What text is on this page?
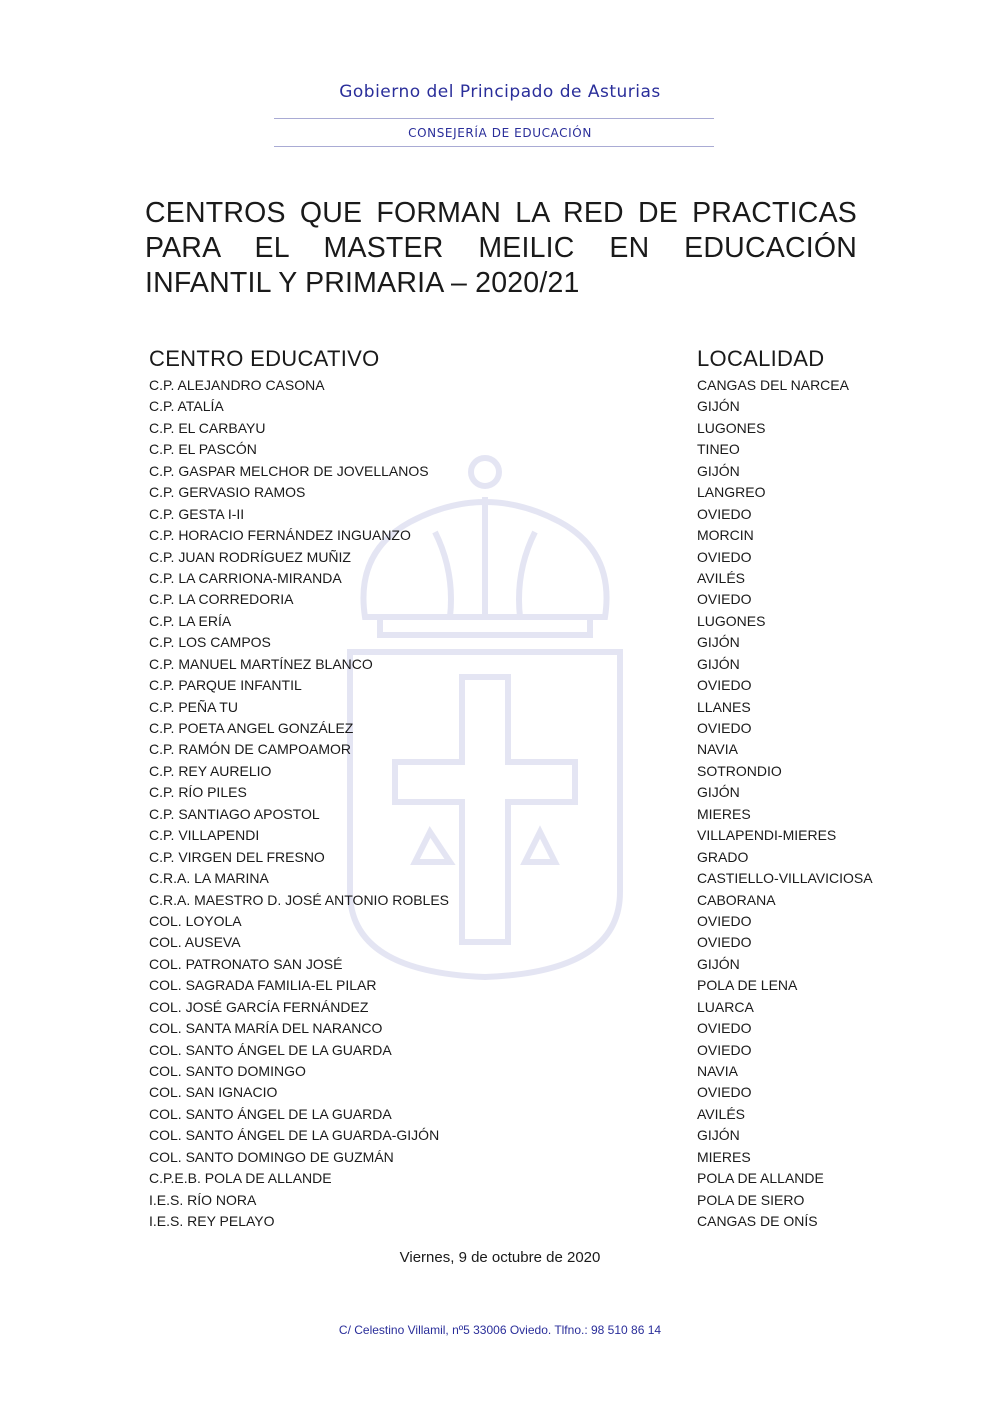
Gobierno del Principado de Asturias
CONSEJERÍA DE EDUCACIÓN
CENTROS QUE FORMAN LA RED DE PRACTICAS
PARA EL MASTER MEILIC EN EDUCACIÓN
INFANTIL Y PRIMARIA – 2020/21
CENTRO EDUCATIVO	LOCALIDAD
C.P. ALEJANDRO CASONA	CANGAS DEL NARCEA
C.P. ATALÍA	GIJÓN
C.P. EL CARBAYU	LUGONES
C.P. EL PASCÓN	TINEO
C.P. GASPAR MELCHOR DE JOVELLANOS	GIJÓN
C.P. GERVASIO RAMOS	LANGREO
C.P. GESTA I-II	OVIEDO
C.P. HORACIO FERNÁNDEZ INGUANZO	MORCIN
C.P. JUAN RODRÍGUEZ MUÑIZ	OVIEDO
C.P. LA CARRIONA-MIRANDA	AVILÉS
C.P. LA CORREDORIA	OVIEDO
C.P. LA ERÍA	LUGONES
C.P. LOS CAMPOS	GIJÓN
C.P. MANUEL MARTÍNEZ BLANCO	GIJÓN
C.P. PARQUE INFANTIL	OVIEDO
C.P. PEÑA TU	LLANES
C.P. POETA ANGEL GONZÁLEZ	OVIEDO
C.P. RAMÓN DE CAMPOAMOR	NAVIA
C.P. REY AURELIO	SOTRONDIO
C.P. RÍO PILES	GIJÓN
C.P. SANTIAGO APOSTOL	MIERES
C.P. VILLAPENDI	VILLAPENDI-MIERES
C.P. VIRGEN DEL FRESNO	GRADO
C.R.A. LA MARINA	CASTIELLO-VILLAVICIOSA
C.R.A. MAESTRO D. JOSÉ ANTONIO ROBLES	CABORANA
COL. LOYOLA	OVIEDO
COL. AUSEVA	OVIEDO
COL. PATRONATO SAN JOSÉ	GIJÓN
COL. SAGRADA FAMILIA-EL PILAR	POLA DE LENA
COL. JOSÉ GARCÍA FERNÁNDEZ	LUARCA
COL. SANTA MARÍA DEL NARANCO	OVIEDO
COL. SANTO ÁNGEL DE LA GUARDA	OVIEDO
COL. SANTO DOMINGO	NAVIA
COL. SAN IGNACIO	OVIEDO
COL. SANTO ÁNGEL DE LA GUARDA	AVILÉS
COL. SANTO ÁNGEL DE LA GUARDA-GIJÓN	GIJÓN
COL. SANTO DOMINGO DE GUZMÁN	MIERES
C.P.E.B. POLA DE ALLANDE	POLA DE ALLANDE
I.E.S. RÍO NORA	POLA DE SIERO
I.E.S. REY PELAYO	CANGAS DE ONÍS
Viernes, 9 de octubre de 2020
C/ Celestino Villamil, nº5 33006 Oviedo. Tlfno.: 98 510 86 14
